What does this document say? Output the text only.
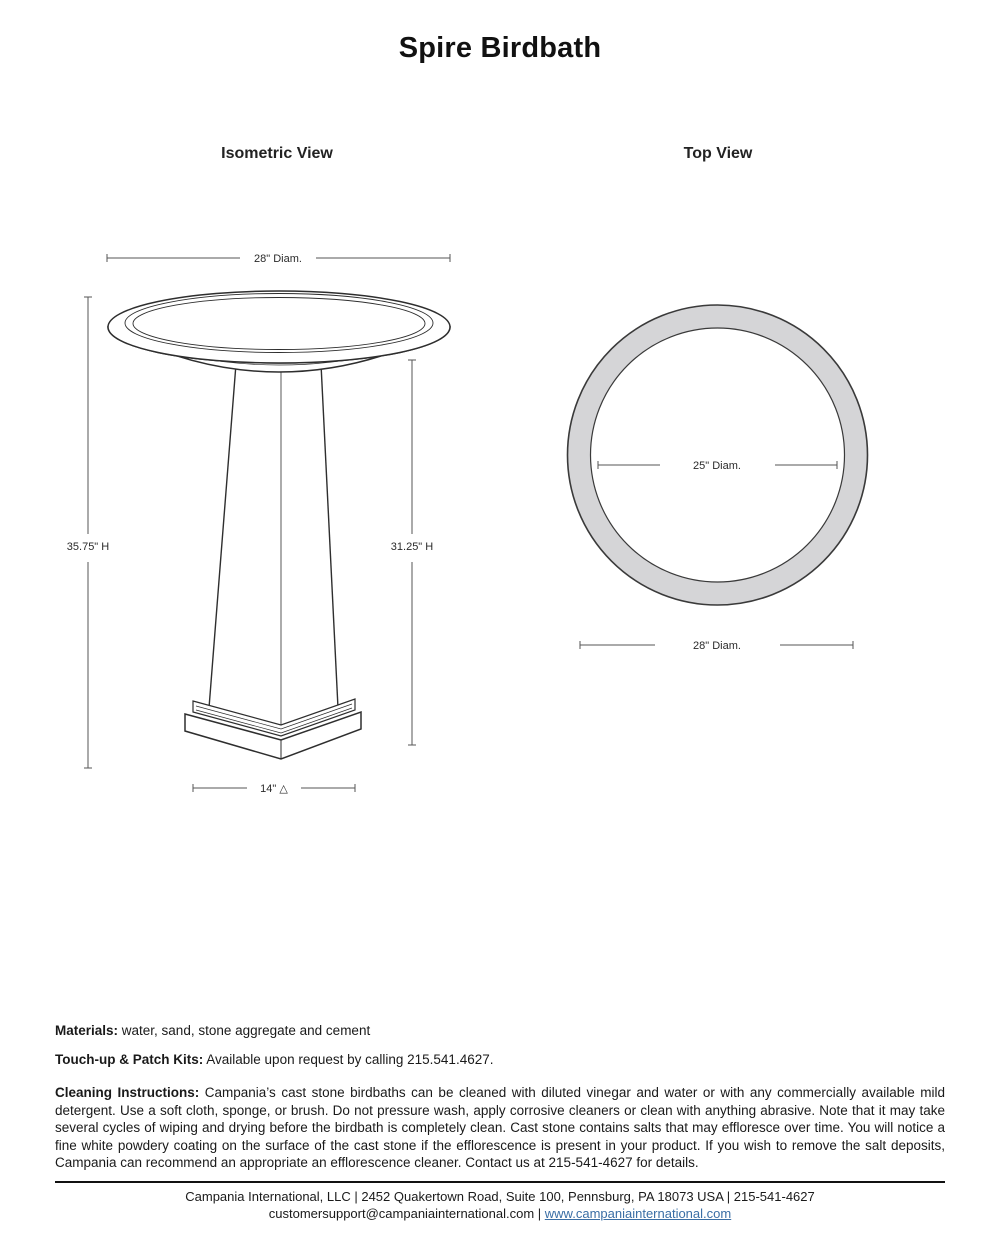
Spire Birdbath
Isometric View	Top View
28" Diam.
35.75" H	31.25" H
14" △
25" Diam.
28" Diam.

Materials: water, sand, stone aggregate and cement

Touch-up & Patch Kits: Available upon request by calling 215.541.4627.

Cleaning Instructions: Campania’s cast stone birdbaths can be cleaned with diluted vinegar and water or with any commercially available mild detergent. Use a soft cloth, sponge, or brush. Do not pressure wash, apply corrosive cleaners or clean with anything abrasive. Note that it may take several cycles of wiping and drying before the birdbath is completely clean. Cast stone contains salts that may effloresce over time. You will notice a fine white powdery coating on the surface of the cast stone if the efflorescence is present in your product. If you wish to remove the salt deposits, Campania can recommend an appropriate an efflorescence cleaner. Contact us at 215-541-4627 for details.

Campania International, LLC | 2452 Quakertown Road, Suite 100, Pennsburg, PA 18073 USA | 215-541-4627
customersupport@campaniainternational.com | www.campaniainternational.com
